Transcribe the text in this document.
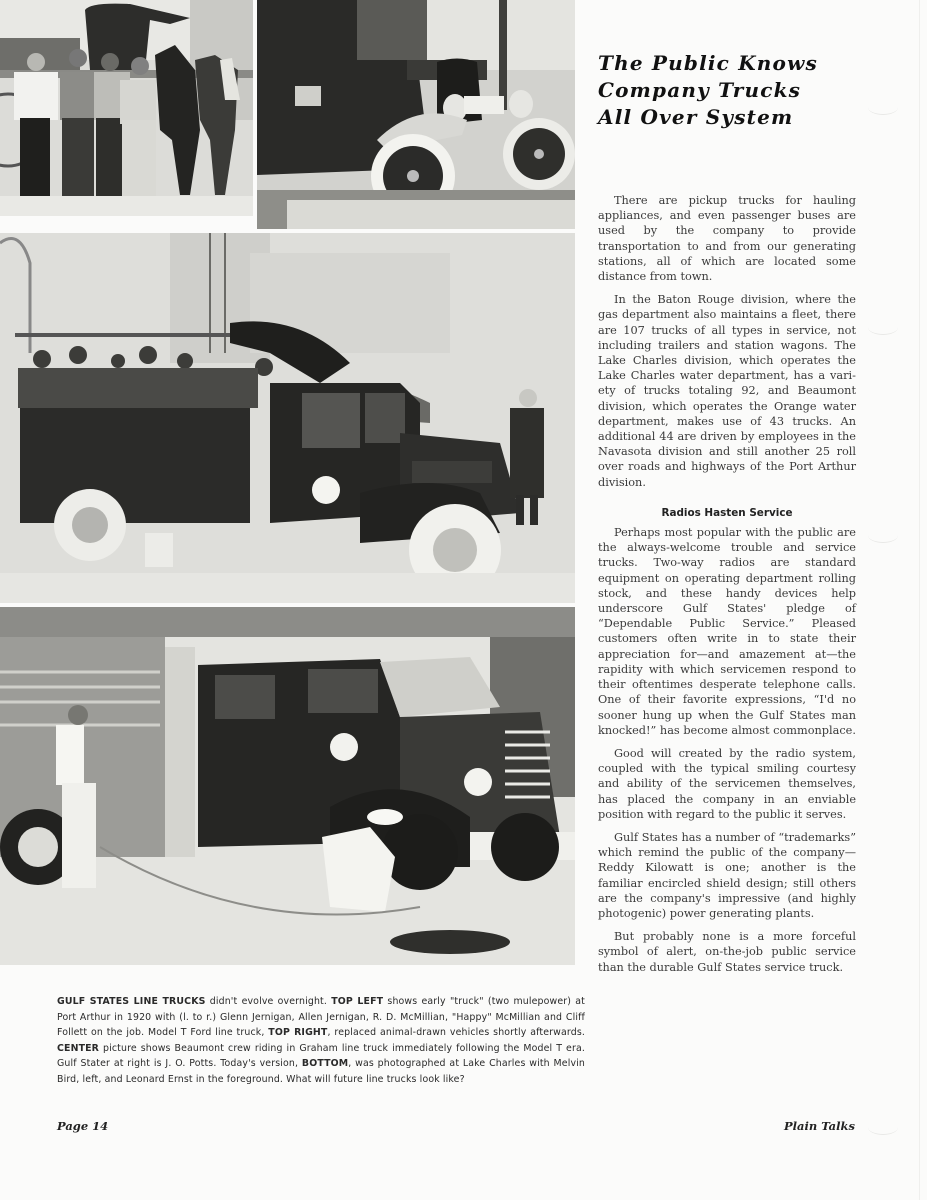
GULF STATES LINE TRUCKS didn't evolve overnight. TOP LEFT shows early "truck" (two mulepower) at Port Arthur in 1920 with (l. to r.) Glenn Jernigan, Allen Jernigan, R. D. McMillian, "Happy" McMillian and Cliff Follett on the job. Model T Ford line truck, TOP RIGHT, replaced animal-drawn vehicles shortly afterwards. CENTER picture shows Beaumont crew riding in Graham line truck immediately following the Model T era. Gulf Stater at right is J. O. Potts. Today's version, BOTTOM, was photographed at Lake Charles with Melvin Bird, left, and Leonard Ernst in the foreground. What will future line trucks look like?
The Public Knows
Company Trucks
All Over System

There are pickup trucks for hauling appliances, and even passenger buses are used by the company to provide transportation to and from our generating stations, all of which are located some distance from town.

In the Baton Rouge division, where the gas department also maintains a fleet, there are 107 trucks of all types in service, not including trailers and station wagons. The Lake Charles division, which operates the Lake Charles water department, has a variety of trucks totaling 92, and Beaumont division, which operates the Orange water department, makes use of 43 trucks. An additional 44 are driven by employees in the Navasota division and still another 25 roll over roads and highways of the Port Arthur division.

Radios Hasten Service

Perhaps most popular with the public are the always-welcome trouble and service trucks. Two-way radios are standard equipment on operating department rolling stock, and these handy devices help underscore Gulf States' pledge of “Dependable Public Service.” Pleased customers often write in to state their appreciation for—and amazement at—the rapidity with which servicemen respond to their oftentimes desperate telephone calls. One of their favorite expressions, “I'd no sooner hung up when the Gulf States man knocked!” has become almost commonplace.

Good will created by the radio system, coupled with the typical smiling courtesy and ability of the servicemen themselves, has placed the company in an enviable position with regard to the public it serves.

Gulf States has a number of “trademarks” which remind the public of the company—Reddy Kilowatt is one; another is the familiar encircled shield design; still others are the company's impressive (and highly photogenic) power generating plants.

But probably none is a more forceful symbol of alert, on-the-job public service than the durable Gulf States service truck.

Page 14	Plain Talks
